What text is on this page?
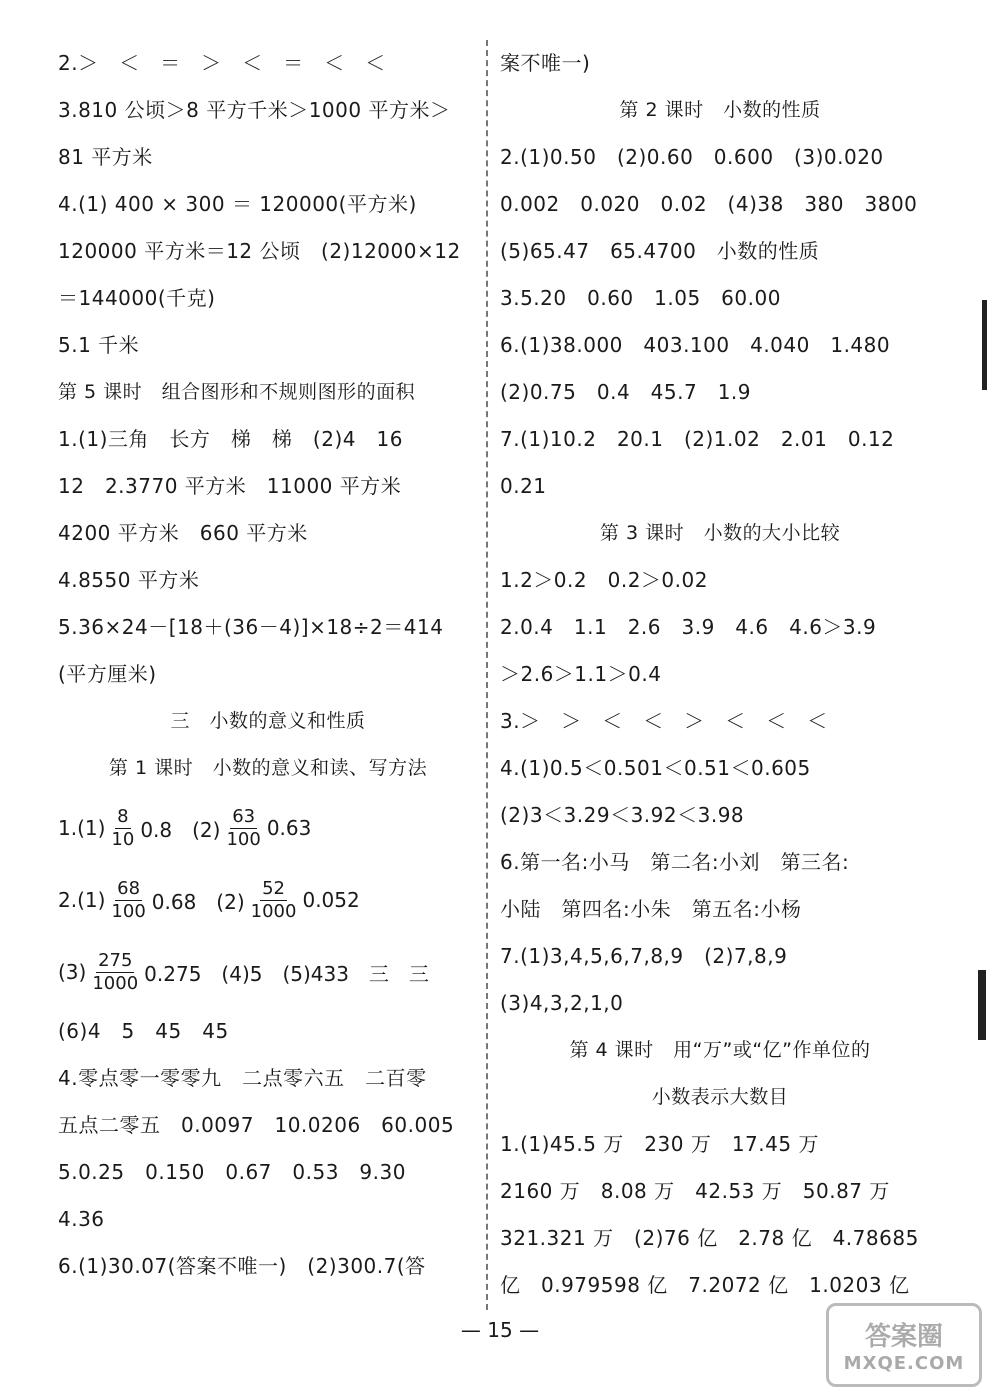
2.＞　＜　＝　＞　＜　＝　＜　＜
3.810 公顷＞8 平方千米＞1000 平方米＞
81 平方米
4.(1) 400 × 300 ＝ 120000(平方米)
120000 平方米＝12 公顷　(2)12000×12
＝144000(千克)
5.1 千米
第 5 课时　组合图形和不规则图形的面积
1.(1)三角　长方　梯　梯　(2)4　16
12　2.3770 平方米　11000 平方米
4200 平方米　660 平方米
4.8550 平方米
5.36×24－[18＋(36－4)]×18÷2＝414
(平方厘米)
三　小数的意义和性质
第 1 课时　小数的意义和读、写方法
$1.(1) \frac{8}{10} 0.8$　$(2) \frac{63}{100} 0.63$
$2.(1) \frac{68}{100} 0.68$　$(2) \frac{52}{1000} 0.052$
$(3) \frac{275}{1000} 0.275$　(4)5　(5)433　三　三
(6)4　5　45　45
4.零点零一零零九　二点零六五　二百零
五点二零五　0.0097　10.0206　60.005
5.0.25　0.150　0.67　0.53　9.30
4.36
6.(1)30.07(答案不唯一)　(2)300.7(答
案不唯一)
第 2 课时　小数的性质
2.(1)0.50　(2)0.60　0.600　(3)0.020
0.002　0.020　0.02　(4)38　380　3800
(5)65.47　65.4700　小数的性质
3.5.20　0.60　1.05　60.00
6.(1)38.000　403.100　4.040　1.480
(2)0.75　0.4　45.7　1.9
7.(1)10.2　20.1　(2)1.02　2.01　0.12
0.21
第 3 课时　小数的大小比较
1.2＞0.2　0.2＞0.02
2.0.4　1.1　2.6　3.9　4.6　4.6＞3.9
＞2.6＞1.1＞0.4
3.＞　＞　＜　＜　＞　＜　＜　＜
4.(1)0.5＜0.501＜0.51＜0.605
(2)3＜3.29＜3.92＜3.98
6.第一名:小马　第二名:小刘　第三名:
小陆　第四名:小朱　第五名:小杨
7.(1)3,4,5,6,7,8,9　(2)7,8,9
(3)4,3,2,1,0
第 4 课时　用“万”或“亿”作单位的
小数表示大数目
1.(1)45.5 万　230 万　17.45 万
2160 万　8.08 万　42.53 万　50.87 万
321.321 万　(2)76 亿　2.78 亿　4.78685
亿　0.979598 亿　7.2072 亿　1.0203 亿
— 15 —	答案圈
MXQE.COM
